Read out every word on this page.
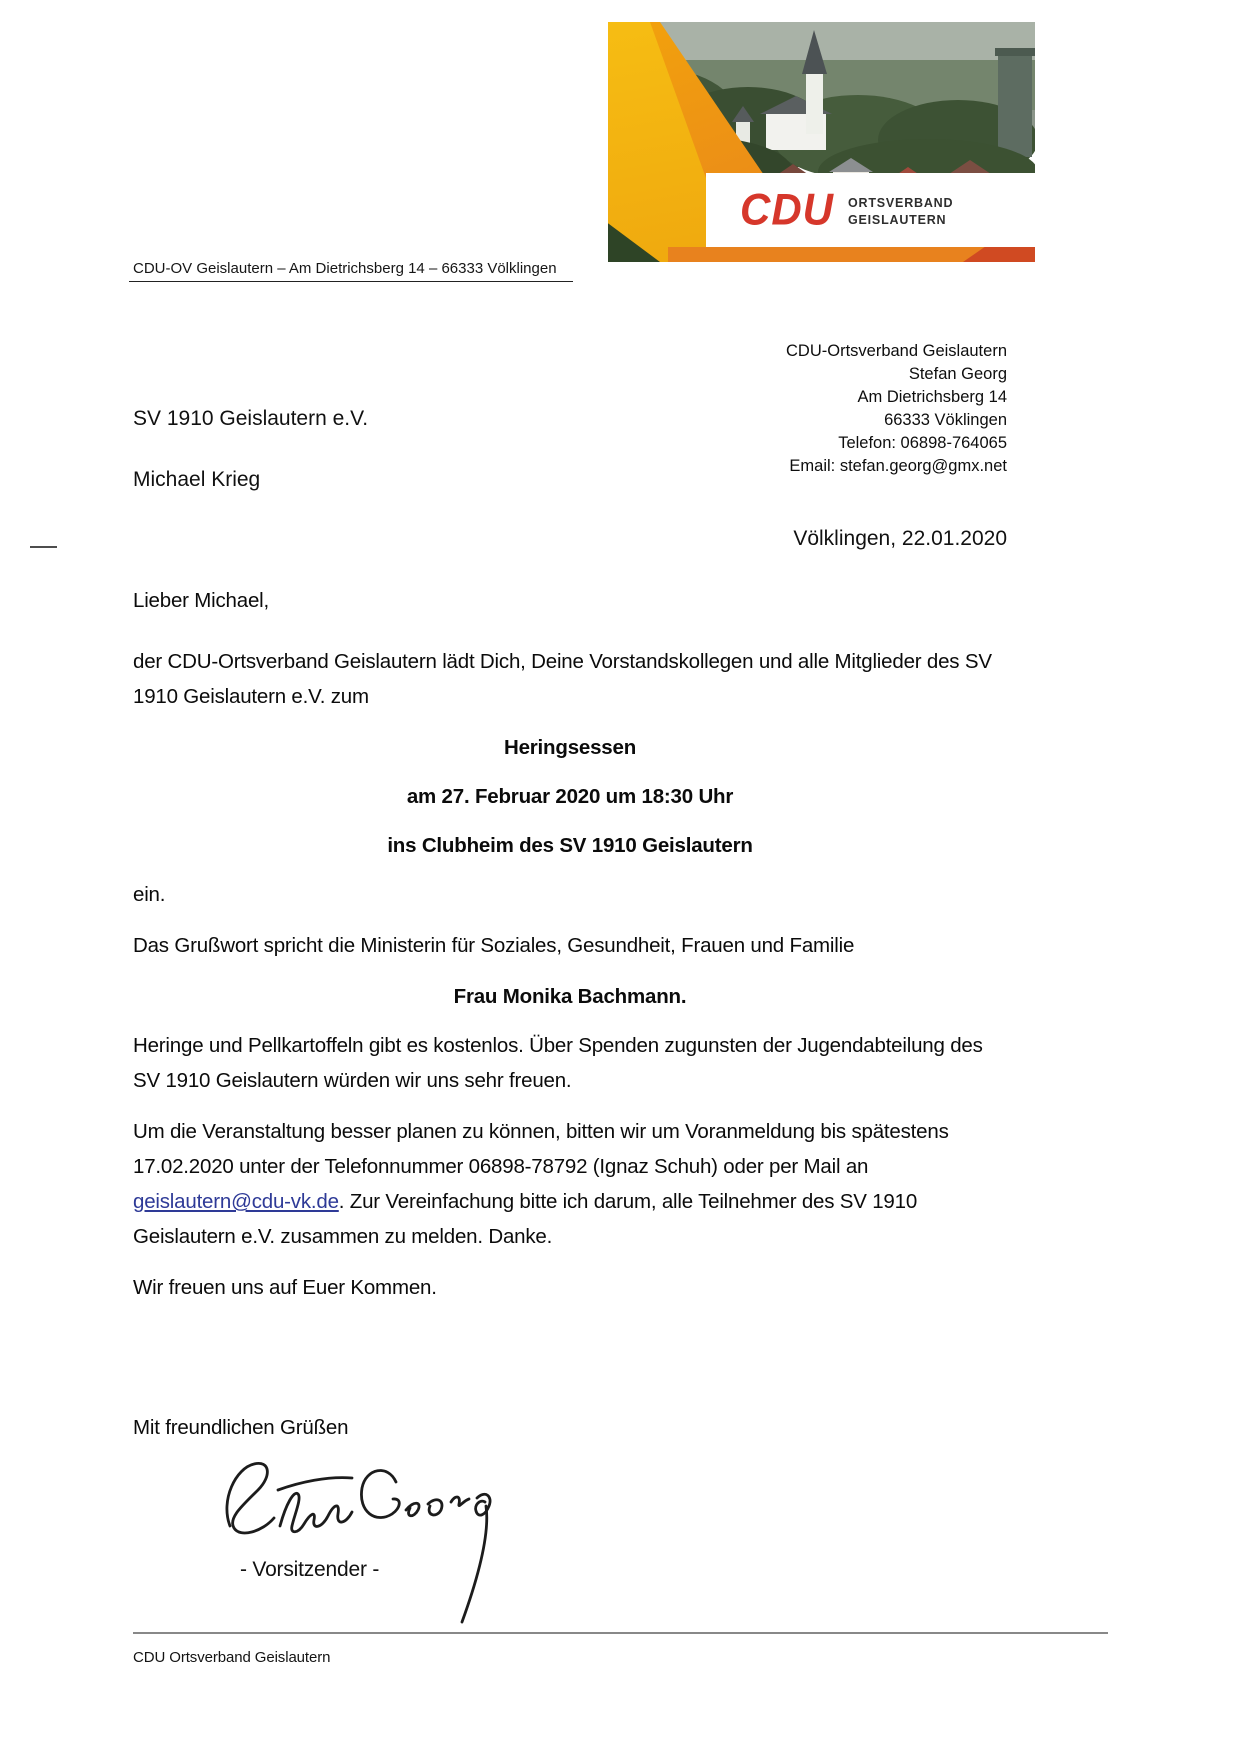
CDU ORTSVERBAND
GEISLAUTERN
CDU-OV Geislautern – Am Dietrichsberg 14 – 66333 Völklingen
CDU-Ortsverband Geislautern
Stefan Georg
Am Dietrichsberg 14
66333 Vöklingen
Telefon: 06898-764065
Email: stefan.georg@gmx.net
SV 1910 Geislautern e.V.
Michael Krieg
Völklingen, 22.01.2020

Lieber Michael,

der CDU-Ortsverband Geislautern lädt Dich, Deine Vorstandskollegen und alle Mitglieder des SV 1910 Geislautern e.V. zum

Heringsessen

am 27. Februar 2020 um 18:30 Uhr

ins Clubheim des SV 1910 Geislautern

ein.

Das Grußwort spricht die Ministerin für Soziales, Gesundheit, Frauen und Familie

Frau Monika Bachmann.

Heringe und Pellkartoffeln gibt es kostenlos. Über Spenden zugunsten der Jugendabteilung des SV 1910 Geislautern würden wir uns sehr freuen.

Um die Veranstaltung besser planen zu können, bitten wir um Voranmeldung bis spätestens 17.02.2020 unter der Telefonnummer 06898-78792 (Ignaz Schuh) oder per Mail an geislautern@cdu-vk.de. Zur Vereinfachung bitte ich darum, alle Teilnehmer des SV 1910 Geislautern e.V. zusammen zu melden. Danke.

Wir freuen uns auf Euer Kommen.

Mit freundlichen Grüßen

- Vorsitzender -
CDU Ortsverband Geislautern
